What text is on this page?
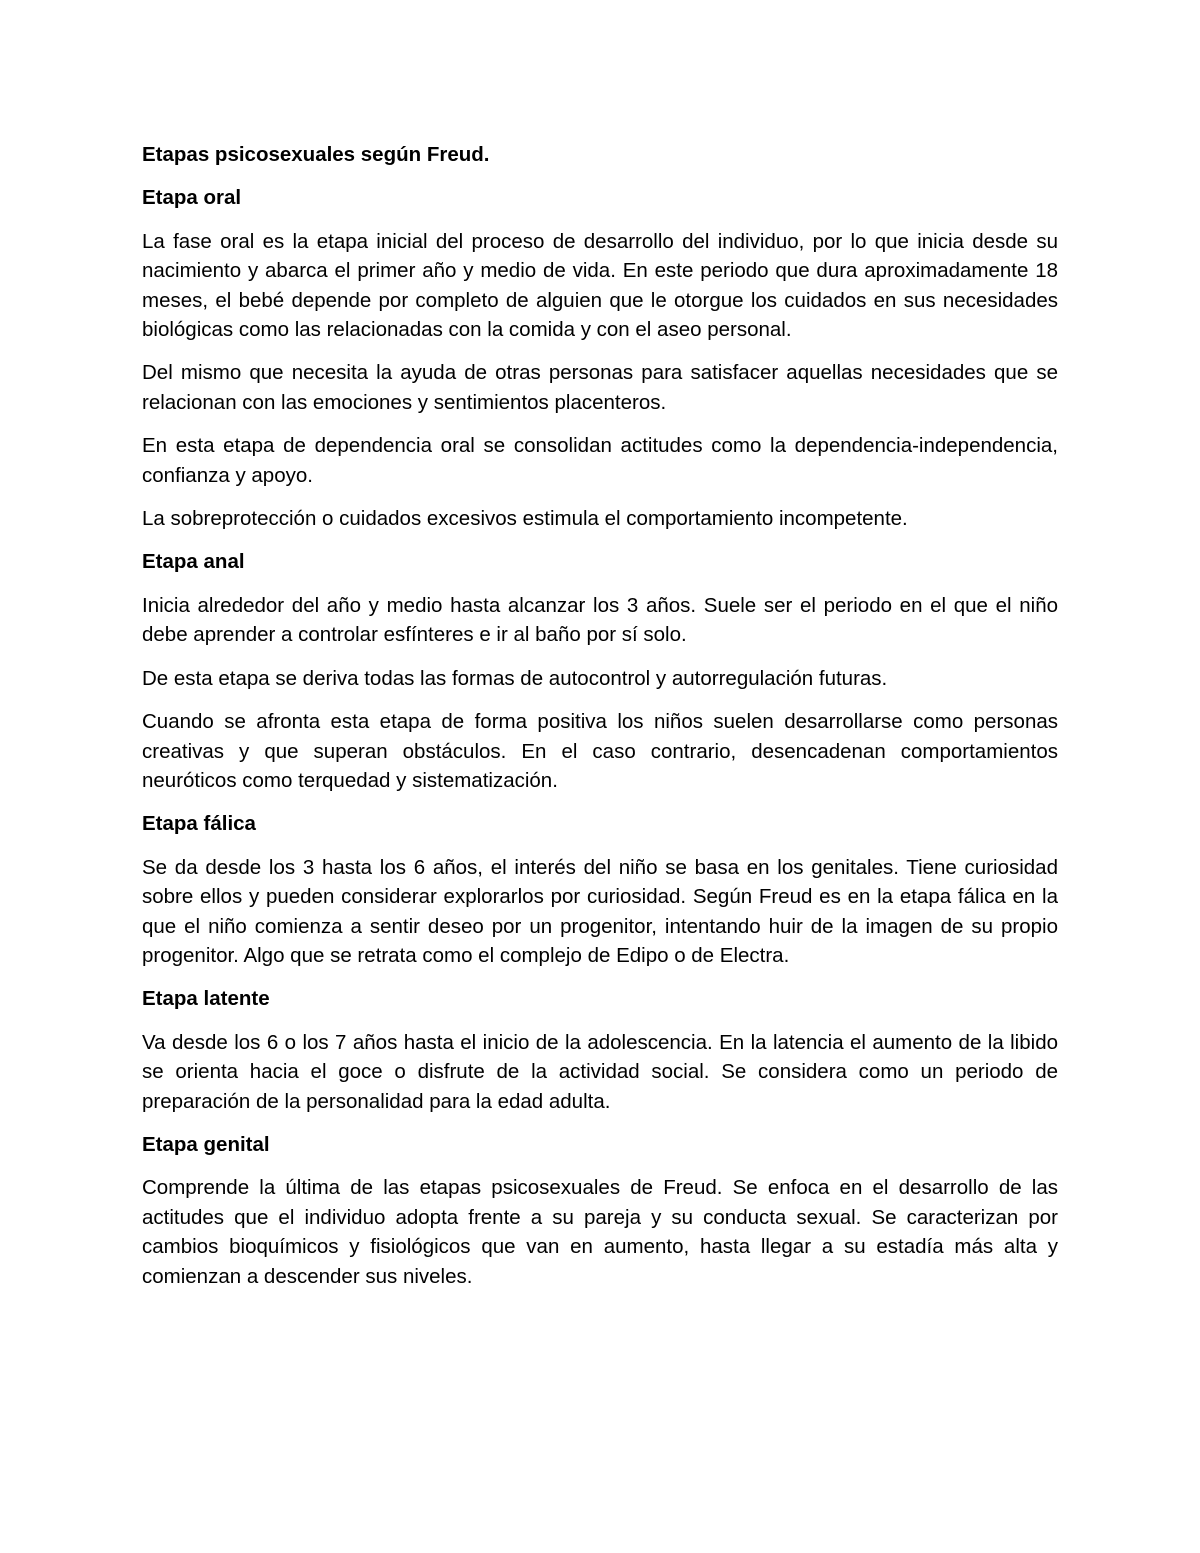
Etapas psicosexuales según Freud.
Etapa oral

La fase oral es la etapa inicial del proceso de desarrollo del individuo, por lo que inicia desde su nacimiento y abarca el primer año y medio de vida. En este periodo que dura aproximadamente 18 meses, el bebé depende por completo de alguien que le otorgue los cuidados en sus necesidades biológicas como las relacionadas con la comida y con el aseo personal.

Del mismo que necesita la ayuda de otras personas para satisfacer aquellas necesidades que se relacionan con las emociones y sentimientos placenteros.

En esta etapa de dependencia oral se consolidan actitudes como la dependencia-independencia, confianza y apoyo.

La sobreprotección o cuidados excesivos estimula el comportamiento incompetente.

Etapa anal

Inicia alrededor del año y medio hasta alcanzar los 3 años. Suele ser el periodo en el que el niño debe aprender a controlar esfínteres e ir al baño por sí solo.

De esta etapa se deriva todas las formas de autocontrol y autorregulación futuras.

Cuando se afronta esta etapa de forma positiva los niños suelen desarrollarse como personas creativas y que superan obstáculos. En el caso contrario, desencadenan comportamientos neuróticos como terquedad y sistematización.

Etapa fálica

Se da desde los 3 hasta los 6 años, el interés del niño se basa en los genitales. Tiene curiosidad sobre ellos y pueden considerar explorarlos por curiosidad. Según Freud es en la etapa fálica en la que el niño comienza a sentir deseo por un progenitor, intentando huir de la imagen de su propio progenitor. Algo que se retrata como el complejo de Edipo o de Electra.

Etapa latente

Va desde los 6 o los 7 años hasta el inicio de la adolescencia. En la latencia el aumento de la libido se orienta hacia el goce o disfrute de la actividad social. Se considera como un periodo de preparación de la personalidad para la edad adulta.

Etapa genital

Comprende la última de las etapas psicosexuales de Freud. Se enfoca en el desarrollo de las actitudes que el individuo adopta frente a su pareja y su conducta sexual. Se caracterizan por cambios bioquímicos y fisiológicos que van en aumento, hasta llegar a su estadía más alta y comienzan a descender sus niveles.
